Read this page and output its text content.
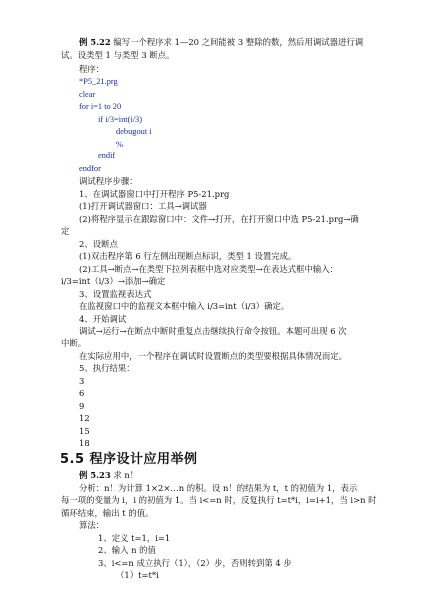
例 5.22 编写一个程序求 1—20 之间能被 3 整除的数，然后用调试器进行调
试。设类型 1 与类型 3 断点。
程序：
*P5_21.prg
clear
for i=1 to 20
if i/3=int(i/3)
debugout i
%
endif
endfor
调试程序步骤：
1、在调试器窗口中打开程序 P5-21.prg
(1)打开调试器窗口：工具→调试器
(2)将程序显示在跟踪窗口中：文件→打开，在打开窗口中选 P5-21.prg→确
定
2、设断点
(1)双击程序第 6 行左侧出现断点标识，类型 1 设置完成。
(2)工具→断点→在类型下拉列表框中选对应类型→在表达式框中输入：
i/3=int（i/3）→添加→确定
3、设置监视表达式
在监视窗口中的监视文本框中输入 i/3=int（i/3）确定。
4、开始调试
调试→运行→在断点中断时重复点击继续执行命令按钮。本题可出现 6 次
中断。
在实际应用中，一个程序在调试时设置断点的类型要根据具体情况而定。
5、执行结果：
3
6
9
12
15
18
5.5 程序设计应用举例
例 5.23 求 n！
分析：n！为计算 1×2×…n 的积。设 n！的结果为 t，t 的初值为 1，表示
每一项的变量为 i，i 的初值为 1。当 i<=n 时，反复执行 t=t*i，i=i+1，当 i>n 时
循环结束，输出 t 的值。
算法：
1、定义 t=1，i=1
2、输入 n 的值
3、i<=n 成立执行（1），（2）步，否则转到第 4 步
（1）t=t*i
